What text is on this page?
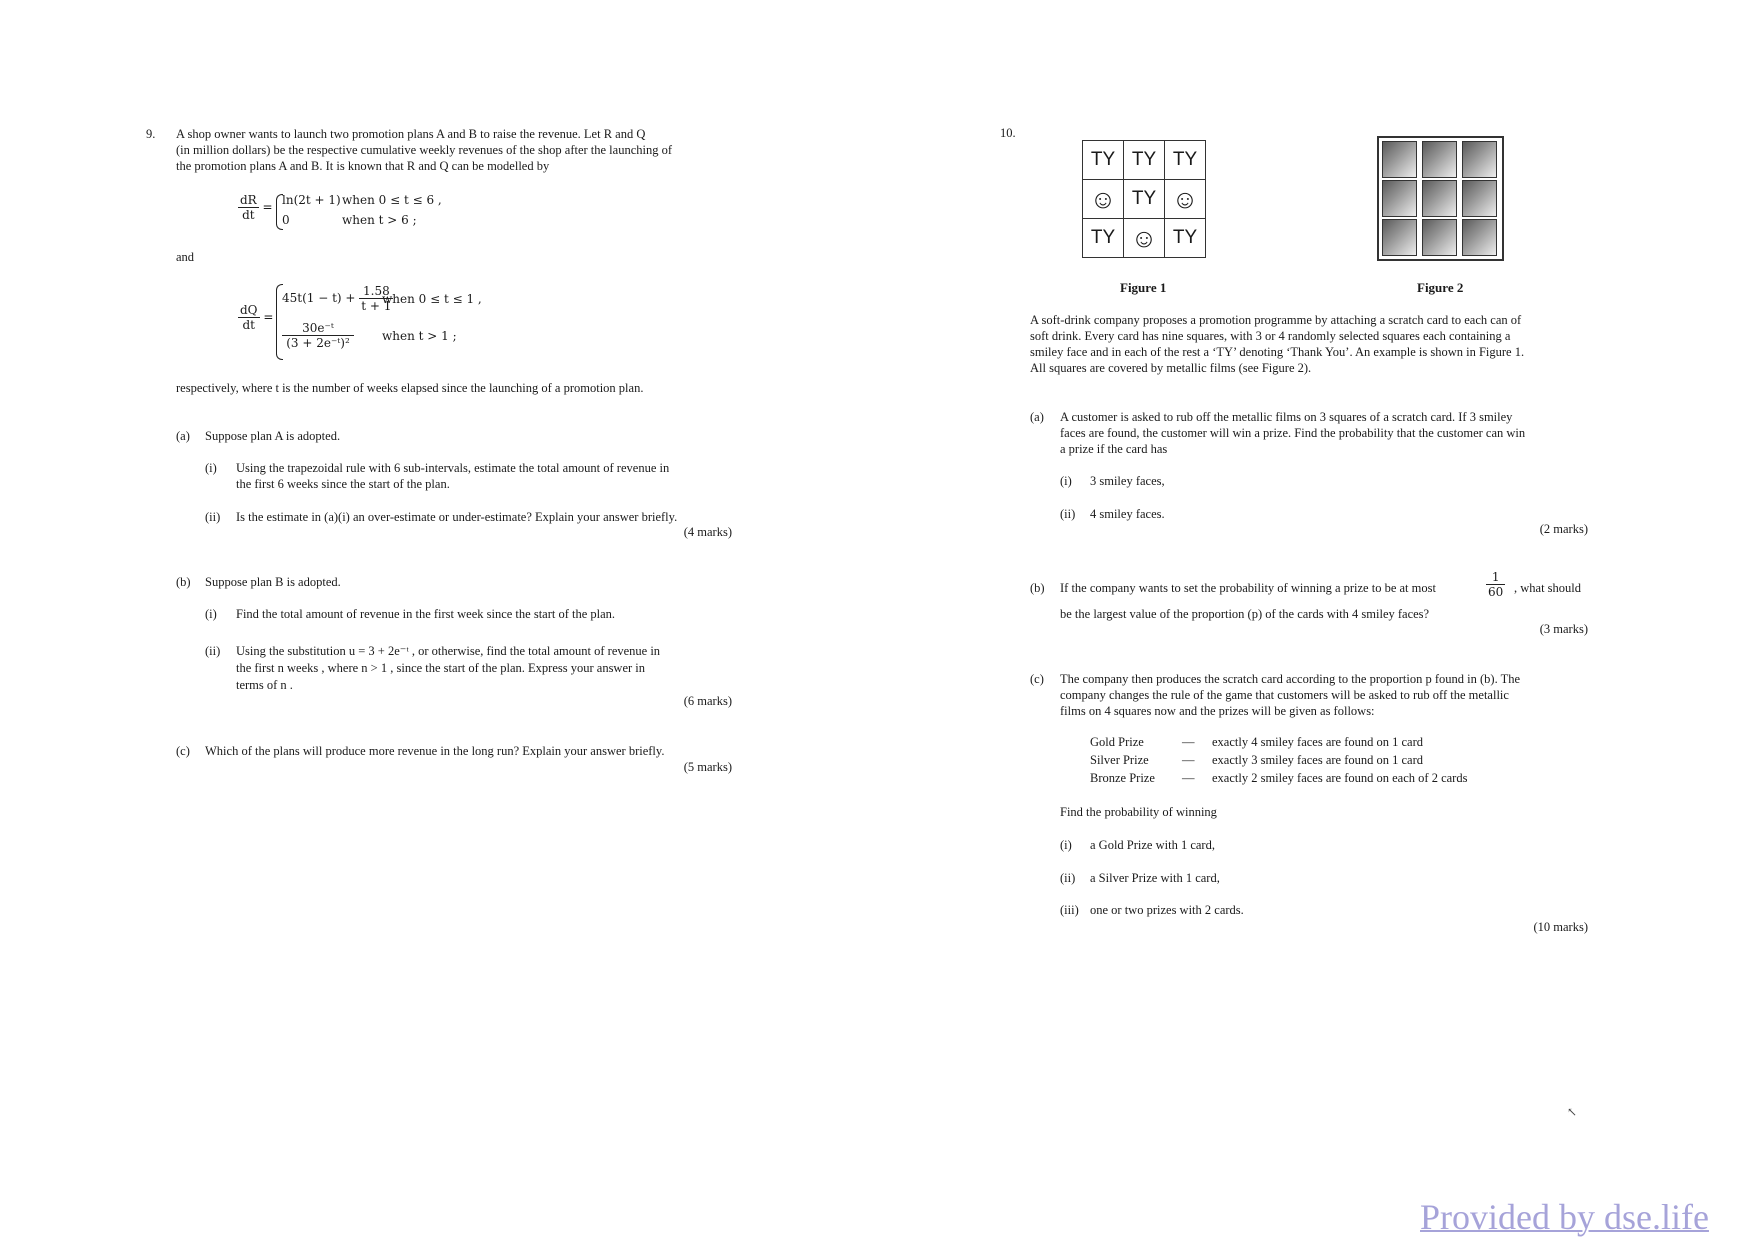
9. A shop owner wants to launch two promotion plans A and B to raise the revenue. Let R and Q
(in million dollars) be the respective cumulative weekly revenues of the shop after the launching of
the promotion plans A and B. It is known that R and Q can be modelled by
$\frac{dR}{dt} = \ln(2t + 1)$ when 0 ≤ t ≤ 6 ,
0	when t > 6 ;
and
$\frac{dQ}{dt}$ =
$45t(1 - t) + \frac{1.58}{t + 1}$
when 0 ≤ t ≤ 1 ,
$\frac{\text{30e⁻ᵗ}}{\text{(3 + 2e⁻ᵗ)²}}$ when t > 1 ;
respectively, where t is the number of weeks elapsed since the launching of a promotion plan.
(a) Suppose plan A is adopted.
(i) Using the trapezoidal rule with 6 sub-intervals, estimate the total amount of revenue in
the first 6 weeks since the start of the plan.
(ii) Is the estimate in (a)(i) an over-estimate or under-estimate? Explain your answer briefly.
(4 marks)
(b) Suppose plan B is adopted.
(i) Find the total amount of revenue in the first week since the start of the plan.
(ii) Using the substitution u = 3 + 2e⁻ᵗ , or otherwise, find the total amount of revenue in
the first n weeks , where n > 1 , since the start of the plan. Express your answer in
terms of n .
(6 marks)
(c) Which of the plans will produce more revenue in the long run? Explain your answer briefly.
(5 marks)
10.
TY	TY	TY
☺	TY	☺
TY	☺	TY
Figure 1	Figure 2
A soft-drink company proposes a promotion programme by attaching a scratch card to each can of
soft drink. Every card has nine squares, with 3 or 4 randomly selected squares each containing a
smiley face and in each of the rest a ‘TY’ denoting ‘Thank You’. An example is shown in Figure 1.
All squares are covered by metallic films (see Figure 2).
(a) A customer is asked to rub off the metallic films on 3 squares of a scratch card. If 3 smiley
faces are found, the customer will win a prize. Find the probability that the customer can win
a prize if the card has
(i) 3 smiley faces,
(ii) 4 smiley faces.
(2 marks)
(b) If the company wants to set the probability of winning a prize to be at most	$\frac{1}{60}$ , what should
be the largest value of the proportion (p) of the cards with 4 smiley faces?
(3 marks)
(c) The company then produces the scratch card according to the proportion p found in (b). The
company changes the rule of the game that customers will be asked to rub off the metallic
films on 4 squares now and the prizes will be given as follows:
Gold Prize	— exactly 4 smiley faces are found on 1 card
Silver Prize	— exactly 3 smiley faces are found on 1 card
Bronze Prize — exactly 2 smiley faces are found on each of 2 cards
Find the probability of winning
(i) a Gold Prize with 1 card,
(ii) a Silver Prize with 1 card,
(iii) one or two prizes with 2 cards.
(10 marks)
↖
Provided by dse.life
